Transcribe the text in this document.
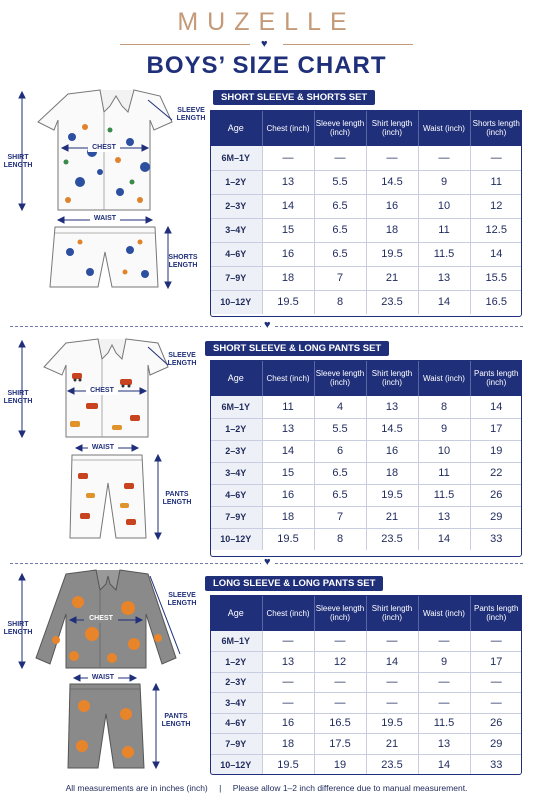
MUZELLE
♥
BOYS’ SIZE CHART
♥
♥
SLEEVE LENGTH
SHIRT LENGTH
CHEST
WAIST
SHORTS LENGTH
SHORT SLEEVE & SHORTS SET
Age	Chest (inch)	Sleeve length (inch)	Shirt length (inch)	Waist (inch)	Shorts length (inch)
6M–1Y	—	—	—	—	—
1–2Y	13	5.5	14.5	9	11
2–3Y	14	6.5	16	10	12
3–4Y	15	6.5	18	11	12.5
4–6Y	16	6.5	19.5	11.5	14
7–9Y	18	7	21	13	15.5
10–12Y	19.5	8	23.5	14	16.5
SLEEVE LENGTH
SHIRT LENGTH
CHEST
WAIST
PANTS LENGTH
SHORT SLEEVE & LONG PANTS SET
Age	Chest (inch)	Sleeve length (inch)	Shirt length (inch)	Waist (inch)	Pants length (inch)
6M–1Y	11	4	13	8	14
1–2Y	13	5.5	14.5	9	17
2–3Y	14	6	16	10	19
3–4Y	15	6.5	18	11	22
4–6Y	16	6.5	19.5	11.5	26
7–9Y	18	7	21	13	29
10–12Y	19.5	8	23.5	14	33
SLEEVE LENGTH
SHIRT LENGTH
CHEST
WAIST
PANTS LENGTH
LONG SLEEVE & LONG PANTS SET
Age	Chest (inch)	Sleeve length (inch)	Shirt length (inch)	Waist (inch)	Pants length (inch)
6M–1Y	—	—	—	—	—
1–2Y	13	12	14	9	17
2–3Y	—	—	—	—	—
3–4Y	—	—	—	—	—
4–6Y	16	16.5	19.5	11.5	26
7–9Y	18	17.5	21	13	29
10–12Y	19.5	19	23.5	14	33
All measurements are in inches (inch) | Please allow 1–2 inch difference due to manual measurement.
